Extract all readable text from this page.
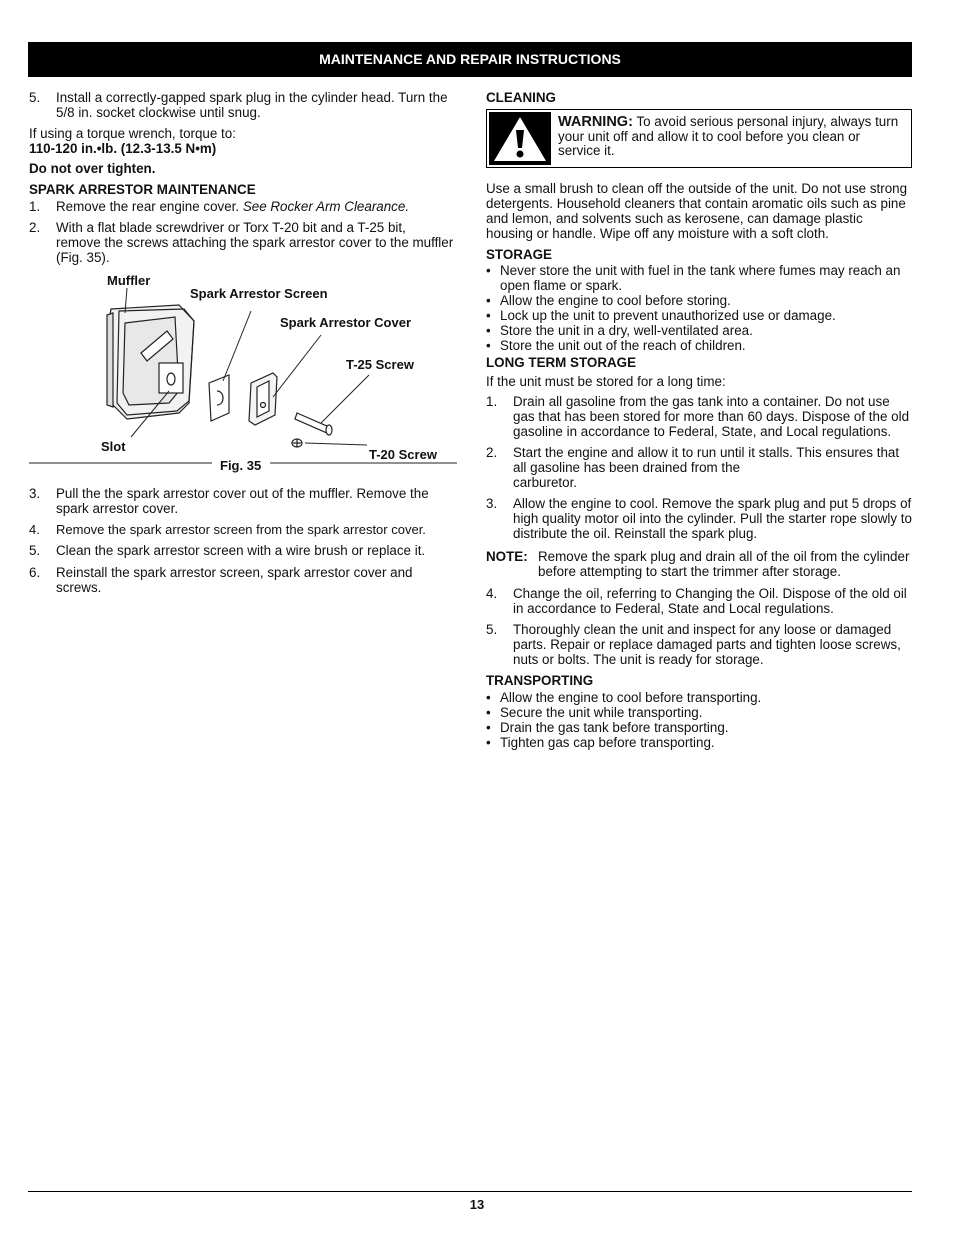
MAINTENANCE AND REPAIR INSTRUCTIONS
5. Install a correctly-gapped spark plug in the cylinder head. Turn the 5/8 in. socket clockwise until snug.

If using a torque wrench, torque to:

110-120 in.•lb. (12.3-13.5 N•m)

Do not over tighten.

SPARK ARRESTOR MAINTENANCE

1. Remove the rear engine cover. See Rocker Arm Clearance.

2. With a flat blade screwdriver or Torx T-20 bit and a T-25 bit, remove the screws attaching the spark arrestor cover to the muffler (Fig. 35).

Muffler
Spark Arrestor Screen
Spark Arrestor Cover
T-25 Screw
Slot
T-20 Screw
Fig. 35
3. Pull the the spark arrestor cover out of the muffler. Remove the spark arrestor cover.

4. Remove the spark arrestor screen from the spark arrestor cover.

5. Clean the spark arrestor screen with a wire brush or replace it.

6. Reinstall the spark arrestor screen, spark arrestor cover and screws.

CLEANING

WARNING: To avoid serious personal injury, always turn your unit off and allow it to cool before you clean or service it.

Use a small brush to clean off the outside of the unit. Do not use strong detergents. Household cleaners that contain aromatic oils such as pine and lemon, and solvents such as kerosene, can damage plastic housing or handle. Wipe off any moisture with a soft cloth.

STORAGE

• Never store the unit with fuel in the tank where fumes may reach an open flame or spark.

• Allow the engine to cool before storing.

• Lock up the unit to prevent unauthorized use or damage.

• Store the unit in a dry, well-ventilated area.

• Store the unit out of the reach of children.

LONG TERM STORAGE

If the unit must be stored for a long time:

1. Drain all gasoline from the gas tank into a container. Do not use gas that has been stored for more than 60 days. Dispose of the old gasoline in accordance to Federal, State, and Local regulations.

2. Start the engine and allow it to run until it stalls. This ensures that all gasoline has been drained from the

carburetor.

3. Allow the engine to cool. Remove the spark plug and put 5 drops of high quality motor oil into the cylinder. Pull the starter rope slowly to distribute the oil. Reinstall the spark plug.

NOTE: Remove the spark plug and drain all of the oil from the cylinder before attempting to start the trimmer after storage.

4. Change the oil, referring to Changing the Oil. Dispose of the old oil in accordance to Federal, State and Local regulations.

5. Thoroughly clean the unit and inspect for any loose or damaged parts. Repair or replace damaged parts and tighten loose screws, nuts or bolts. The unit is ready for storage.

TRANSPORTING

• Allow the engine to cool before transporting.

• Secure the unit while transporting.

• Drain the gas tank before transporting.

• Tighten gas cap before transporting.

13
